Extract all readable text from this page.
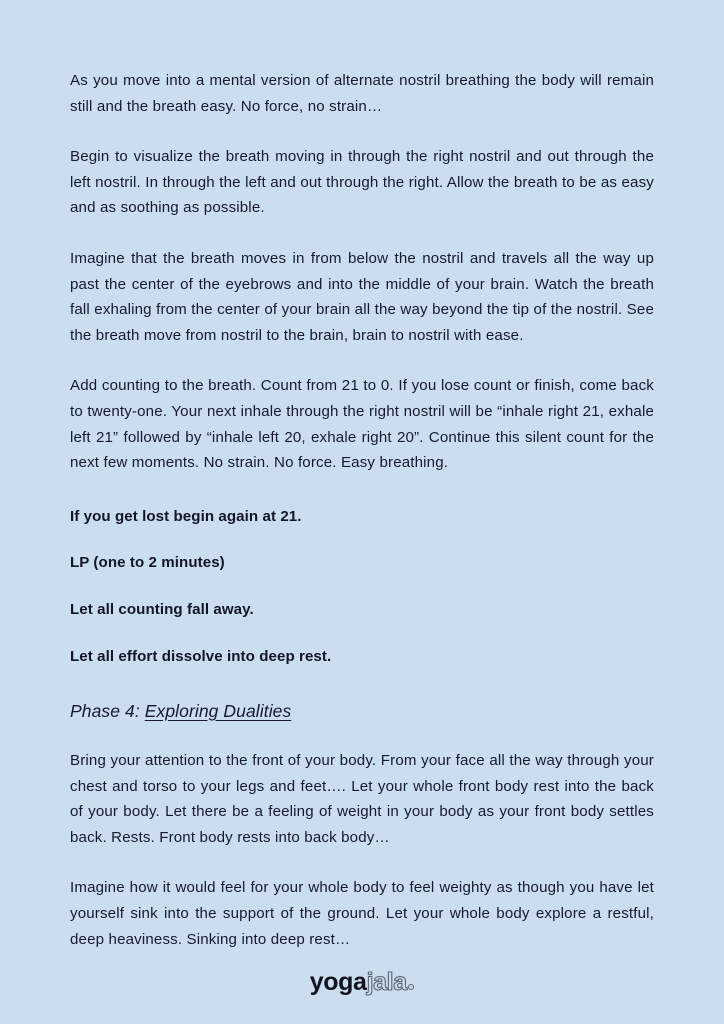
As you move into a mental version of alternate nostril breathing the body will remain still and the breath easy. No force, no strain…

Begin to visualize the breath moving in through the right nostril and out through the left nostril. In through the left and out through the right. Allow the breath to be as easy and as soothing as possible.

Imagine that the breath moves in from below the nostril and travels all the way up past the center of the eyebrows and into the middle of your brain. Watch the breath fall exhaling from the center of your brain all the way beyond the tip of the nostril. See the breath move from nostril to the brain, brain to nostril with ease.

Add counting to the breath. Count from 21 to 0. If you lose count or finish, come back to twenty-one. Your next inhale through the right nostril will be “inhale right 21, exhale left 21” followed by “inhale left 20, exhale right 20”. Continue this silent count for the next few moments. No strain. No force. Easy breathing.

If you get lost begin again at 21.

LP (one to 2 minutes)

Let all counting fall away.

Let all effort dissolve into deep rest.

Phase 4: Exploring Dualities

Bring your attention to the front of your body. From your face all the way through your chest and torso to your legs and feet…. Let your whole front body rest into the back of your body. Let there be a feeling of weight in your body as your front body settles back. Rests. Front body rests into back body…

Imagine how it would feel for your whole body to feel weighty as though you have let yourself sink into the support of the ground. Let your whole body explore a restful, deep heaviness. Sinking into deep rest…

yogajala
